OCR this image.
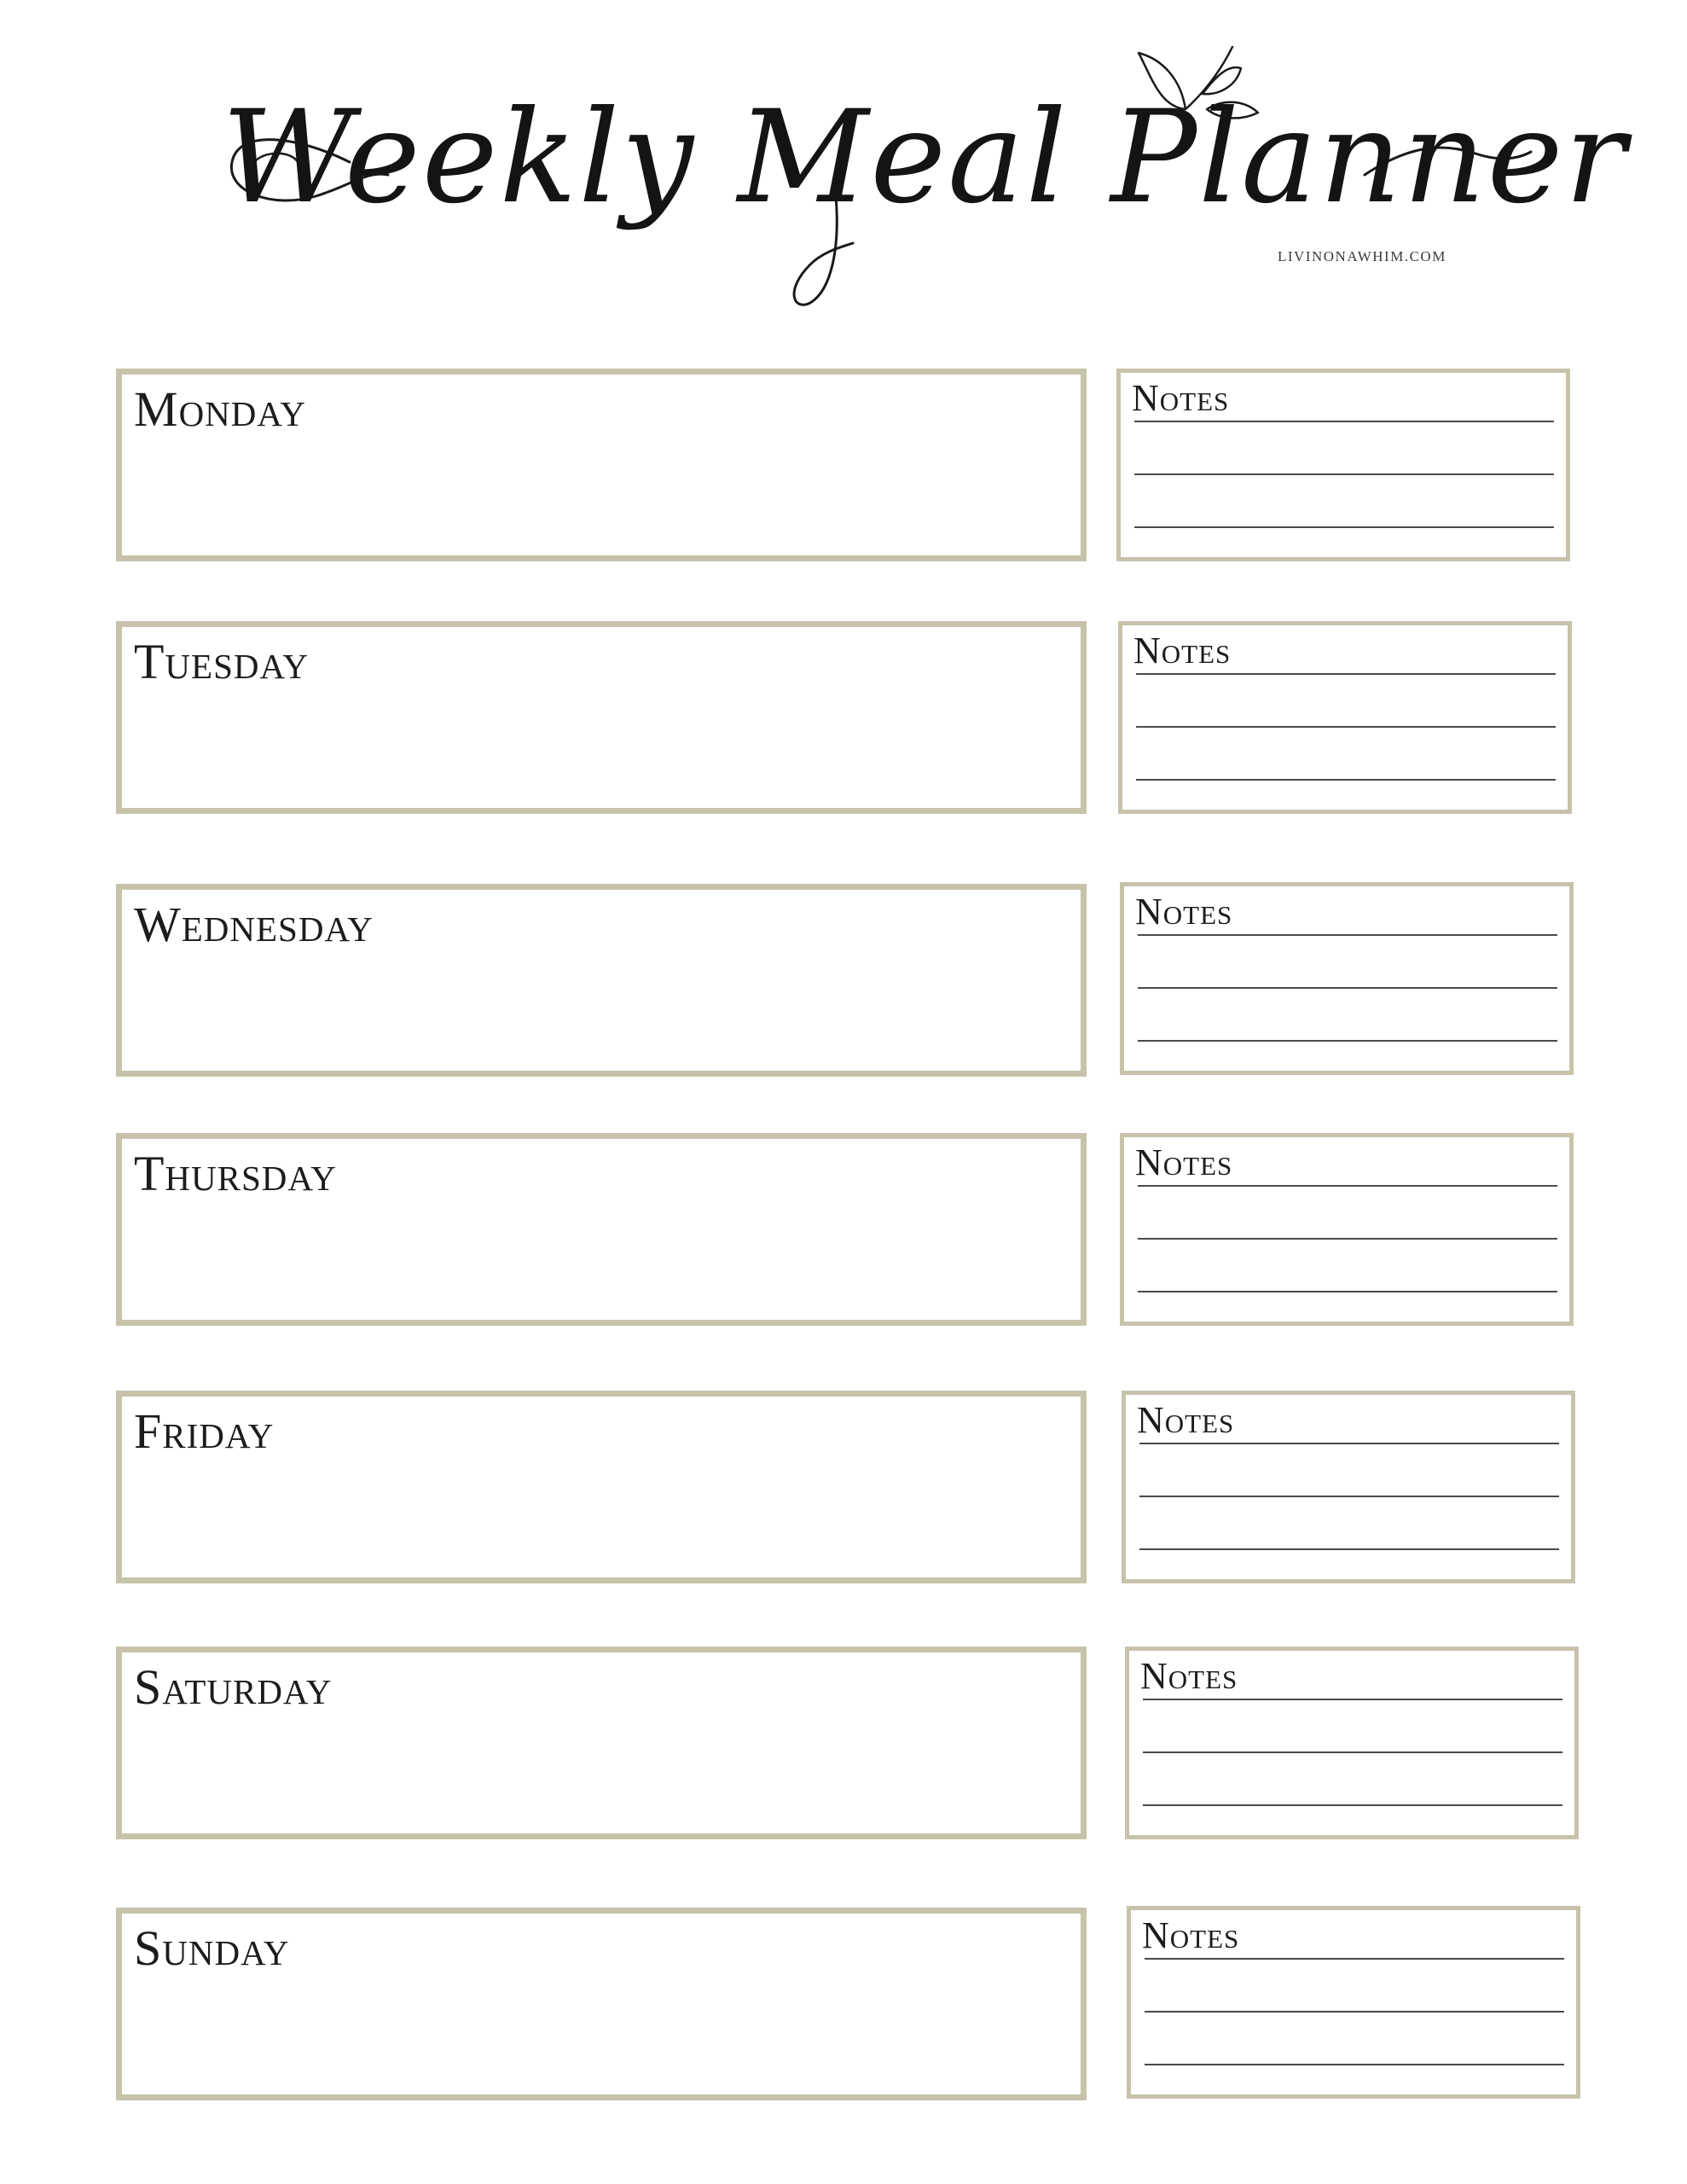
Weekly Meal Planner
LIVINONAWHIM.COM
Monday	Notes
Tuesday	Notes
Wednesday	Notes
Thursday	Notes
Friday	Notes
Saturday	Notes
Sunday	Notes
